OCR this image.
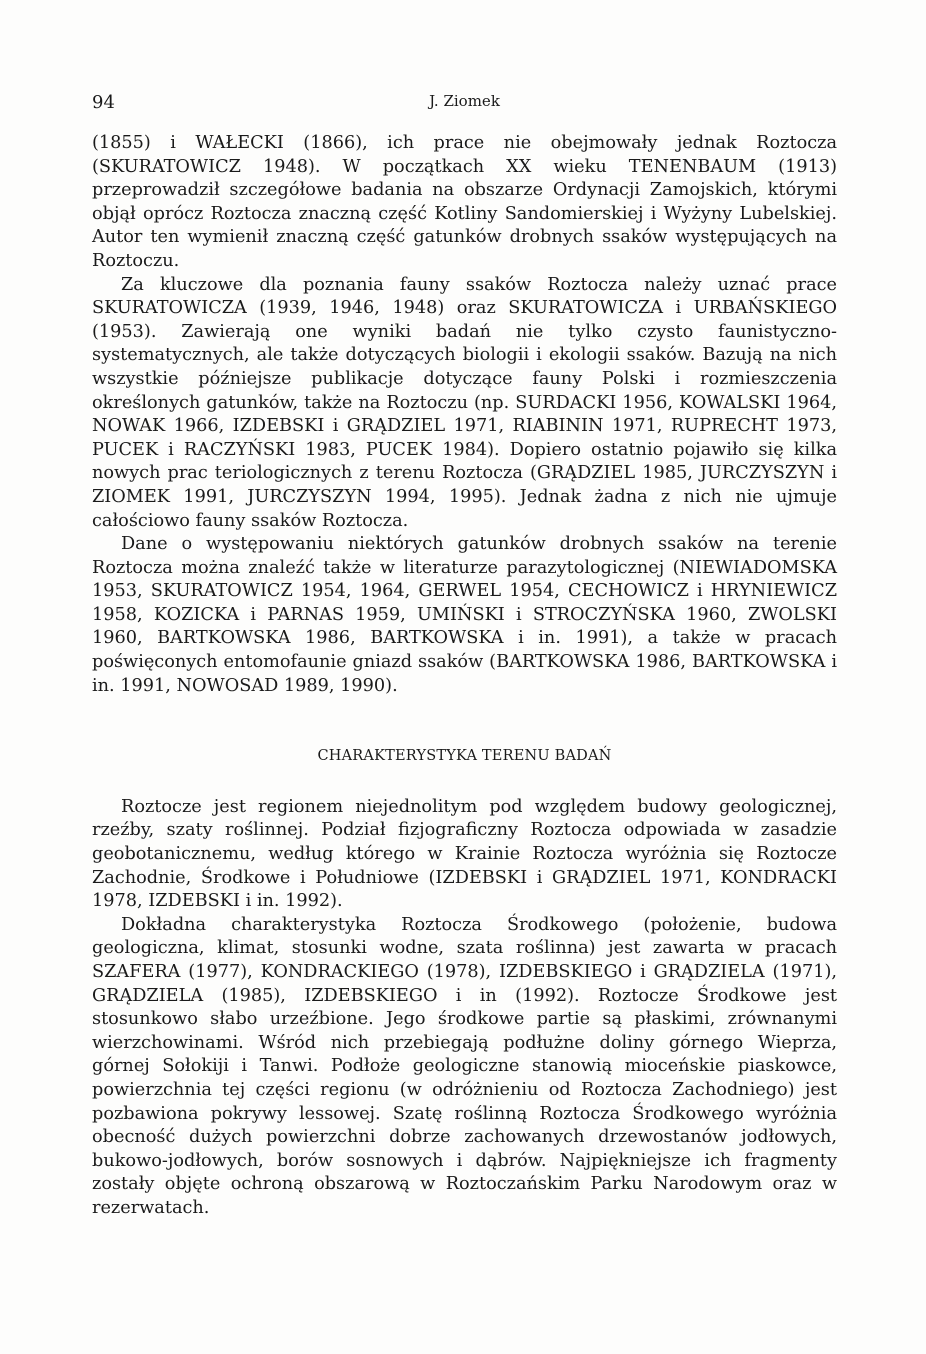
94	J. Ziomek

(1855) i WAŁECKI (1866), ich prace nie obejmowały jednak Roztocza (SKURATOWICZ 1948). W początkach XX wieku TENENBAUM (1913) przeprowadził szczegółowe badania na obszarze Ordynacji Zamojskich, którymi objął oprócz Roztocza znaczną część Kotliny Sandomierskiej i Wyżyny Lubelskiej. Autor ten wymienił znaczną część gatunków drobnych ssaków występujących na Roztoczu.

Za kluczowe dla poznania fauny ssaków Roztocza należy uznać prace SKURATOWICZA (1939, 1946, 1948) oraz SKURATOWICZA i URBAŃSKIEGO (1953). Zawierają one wyniki badań nie tylko czysto faunistyczno-systematycznych, ale także dotyczących biologii i ekologii ssaków. Bazują na nich wszystkie późniejsze publikacje dotyczące fauny Polski i rozmieszczenia określonych gatunków, także na Roztoczu (np. SURDACKI 1956, KOWALSKI 1964, NOWAK 1966, IZDEBSKI i GRĄDZIEL 1971, RIABININ 1971, RUPRECHT 1973, PUCEK i RACZYŃSKI 1983, PUCEK 1984). Dopiero ostatnio pojawiło się kilka nowych prac teriologicznych z terenu Roztocza (GRĄDZIEL 1985, JURCZYSZYN i ZIOMEK 1991, JURCZYSZYN 1994, 1995). Jednak żadna z nich nie ujmuje całościowo fauny ssaków Roztocza.

Dane o występowaniu niektórych gatunków drobnych ssaków na terenie Roztocza można znaleźć także w literaturze parazytologicznej (NIEWIADOMSKA 1953, SKURATOWICZ 1954, 1964, GERWEL 1954, CECHOWICZ i HRYNIEWICZ 1958, KOZICKA i PARNAS 1959, UMIŃSKI i STROCZYŃSKA 1960, ZWOLSKI 1960, BARTKOWSKA 1986, BARTKOWSKA i in. 1991), a także w pracach poświęconych entomofaunie gniazd ssaków (BARTKOWSKA 1986, BARTKOWSKA i in. 1991, NOWOSAD 1989, 1990).

CHARAKTERYSTYKA TERENU BADAŃ

Roztocze jest regionem niejednolitym pod względem budowy geologicznej, rzeźby, szaty roślinnej. Podział fizjograficzny Roztocza odpowiada w zasadzie geobotanicznemu, według którego w Krainie Roztocza wyróżnia się Roztocze Zachodnie, Środkowe i Południowe (IZDEBSKI i GRĄDZIEL 1971, KONDRACKI 1978, IZDEBSKI i in. 1992).

Dokładna charakterystyka Roztocza Środkowego (położenie, budowa geologiczna, klimat, stosunki wodne, szata roślinna) jest zawarta w pracach SZAFERA (1977), KONDRACKIEGO (1978), IZDEBSKIEGO i GRĄDZIELA (1971), GRĄDZIELA (1985), IZDEBSKIEGO i in (1992). Roztocze Środkowe jest stosunkowo słabo urzeźbione. Jego środkowe partie są płaskimi, zrównanymi wierzchowinami. Wśród nich przebiegają podłużne doliny górnego Wieprza, górnej Sołokiji i Tanwi. Podłoże geologiczne stanowią mioceńskie piaskowce, powierzchnia tej części regionu (w odróżnieniu od Roztocza Zachodniego) jest pozbawiona pokrywy lessowej. Szatę roślinną Roztocza Środkowego wyróżnia obecność dużych powierzchni dobrze zachowanych drzewostanów jodłowych, bukowo-jodłowych, borów sosnowych i dąbrów. Najpiękniejsze ich fragmenty zostały objęte ochroną obszarową w Roztoczańskim Parku Narodowym oraz w rezerwatach.
